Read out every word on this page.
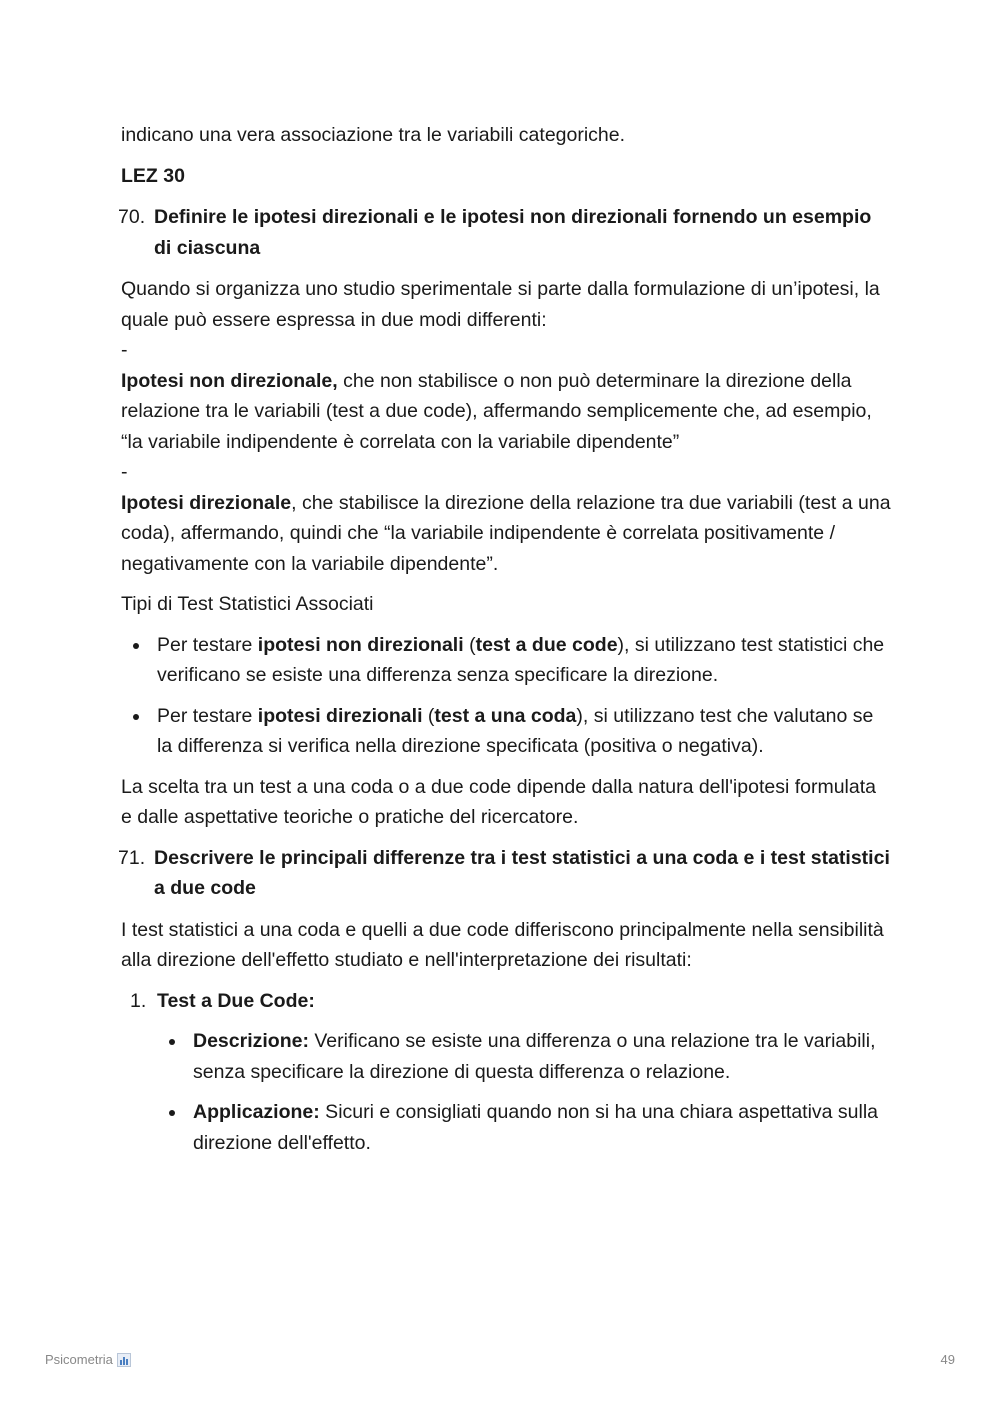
indicano una vera associazione tra le variabili categoriche.

LEZ 30

70. Definire le ipotesi direzionali e le ipotesi non direzionali fornendo un esempio di ciascuna

Quando si organizza uno studio sperimentale si parte dalla formulazione di un’ipotesi, la quale può essere espressa in due modi differenti:

-

Ipotesi non direzionale, che non stabilisce o non può determinare la direzione della relazione tra le variabili (test a due code), affermando semplicemente che, ad esempio, “la variabile indipendente è correlata con la variabile dipendente”

-

Ipotesi direzionale, che stabilisce la direzione della relazione tra due variabili (test a una coda), affermando, quindi che “la variabile indipendente è correlata positivamente / negativamente con la variabile dipendente”.

Tipi di Test Statistici Associati

Per testare ipotesi non direzionali (test a due code), si utilizzano test statistici che verificano se esiste una differenza senza specificare la direzione.
Per testare ipotesi direzionali (test a una coda), si utilizzano test che valutano se la differenza si verifica nella direzione specificata (positiva o negativa).

La scelta tra un test a una coda o a due code dipende dalla natura dell'ipotesi formulata e dalle aspettative teoriche o pratiche del ricercatore.

71. Descrivere le principali differenze tra i test statistici a una coda e i test statistici a due code

I test statistici a una coda e quelli a due code differiscono principalmente nella sensibilità alla direzione dell'effetto studiato e nell'interpretazione dei risultati:

1. Test a Due Code:
Descrizione: Verificano se esiste una differenza o una relazione tra le variabili, senza specificare la direzione di questa differenza o relazione.
Applicazione: Sicuri e consigliati quando non si ha una chiara aspettativa sulla direzione dell'effetto.
Psicometria	49
